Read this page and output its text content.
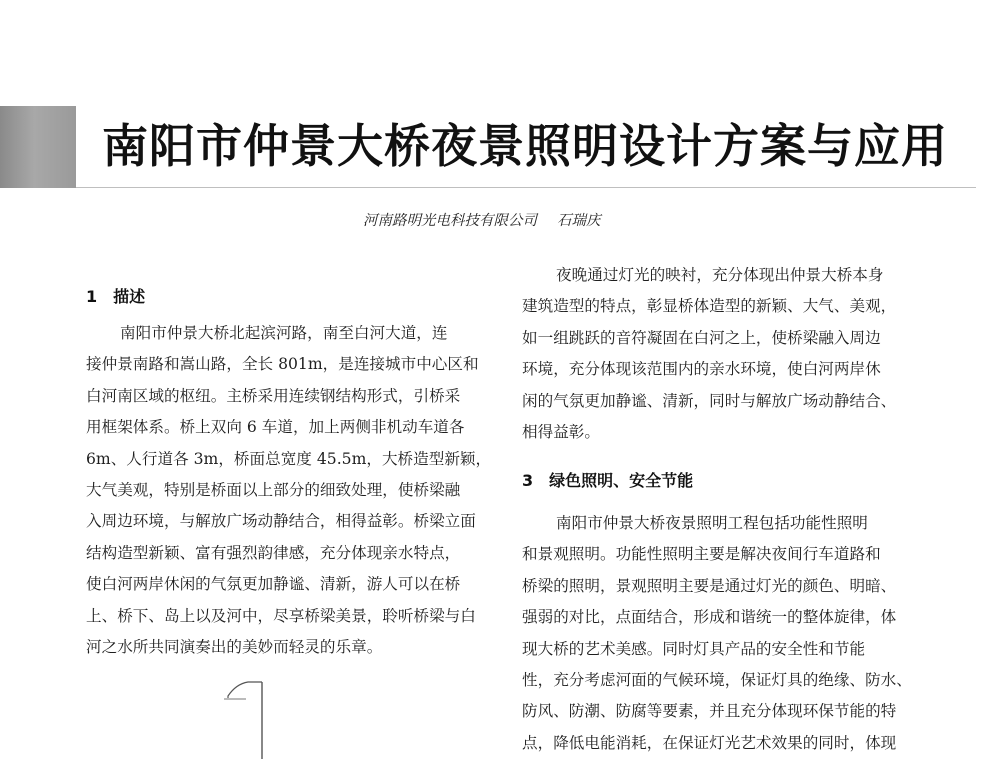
南阳市仲景大桥夜景照明设计方案与应用
河南路明光电科技有限公司 石瑞庆
1 描述
南阳市仲景大桥北起滨河路，南至白河大道，连
接仲景南路和嵩山路，全长 801m，是连接城市中心区和
白河南区域的枢纽。主桥采用连续钢结构形式，引桥采
用框架体系。桥上双向 6 车道，加上两侧非机动车道各
6m、人行道各 3m，桥面总宽度 45.5m，大桥造型新颖，
大气美观，特别是桥面以上部分的细致处理，使桥梁融
入周边环境，与解放广场动静结合，相得益彰。桥梁立面
结构造型新颖、富有强烈韵律感，充分体现亲水特点，
使白河两岸休闲的气氛更加静谧、清新，游人可以在桥
上、桥下、岛上以及河中，尽享桥梁美景，聆听桥梁与白
河之水所共同演奏出的美妙而轻灵的乐章。
夜晚通过灯光的映衬，充分体现出仲景大桥本身
建筑造型的特点，彰显桥体造型的新颖、大气、美观，
如一组跳跃的音符凝固在白河之上，使桥梁融入周边
环境，充分体现该范围内的亲水环境，使白河两岸休
闲的气氛更加静谧、清新，同时与解放广场动静结合、
相得益彰。
3 绿色照明、安全节能
南阳市仲景大桥夜景照明工程包括功能性照明
和景观照明。功能性照明主要是解决夜间行车道路和
桥梁的照明，景观照明主要是通过灯光的颜色、明暗、
强弱的对比，点面结合，形成和谐统一的整体旋律，体
现大桥的艺术美感。同时灯具产品的安全性和节能
性，充分考虑河面的气候环境，保证灯具的绝缘、防水、
防风、防潮、防腐等要素，并且充分体现环保节能的特
点，降低电能消耗，在保证灯光艺术效果的同时，体现
